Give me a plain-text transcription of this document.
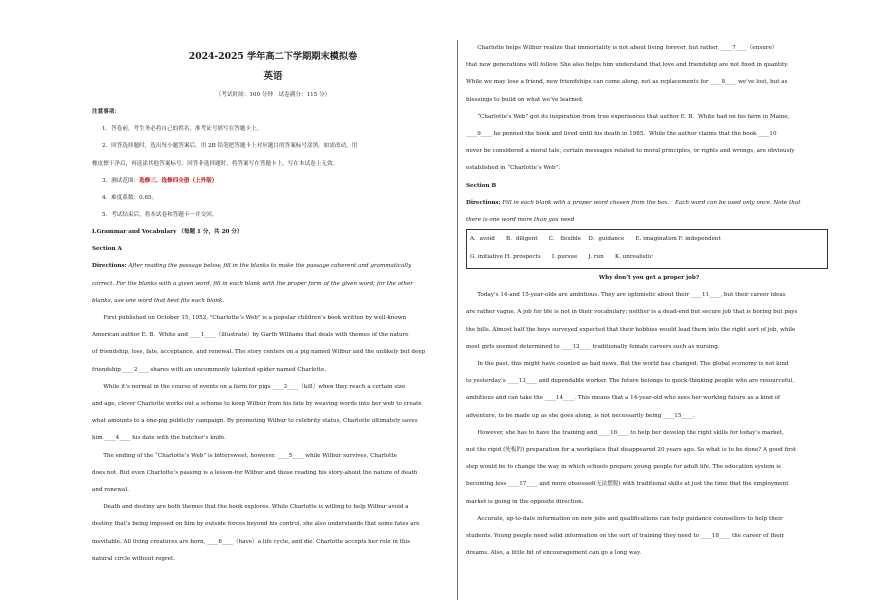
2024-2025 学年高二下学期期末模拟卷
英语
（考试时间：100 分钟　试卷满分：115 分）

注意事项：

1．答卷前，考生务必将自己的姓名、准考证号填写在答题卡上。

2．回答选择题时，选出每小题答案后，用 2B 铅笔把答题卡上对应题目的答案标号涂黑。如需改动，用

橡皮擦干净后，再选涂其他答案标号。回答非选择题时，将答案写在答题卡上。写在本试卷上无效。

3．测试范围：选修三、选修四全册（上外版）

4．难度系数：0.65。

5．考试结束后，将本试卷和答题卡一并交回。

I.Grammar and Vocabulary （每题 1 分，共 20 分）

Section A

Directions: After reading the passage below, fill in the blanks to make the passage coherent and grammatically

correct. For the blanks with a given word, fill in each blank with the proper form of the given word; for the other

blanks, use one word that best fits each blank.

First published on October 15, 1952, "Charlotte’s Web" is a popular children’s book written by well-known

American author E. B．White and ____1____（illustrate）by Garth Williams that deals with themes of the nature

of friendship, loss, fate, acceptance, and renewal. The story centers on a pig named Wilbur and the unlikely but deep

friendship ____2____ shares with an uncommonly talented spider named Charlotte.

While it’s normal in the course of events on a farm for pigs ____3____（kill）when they reach a certain size

and age, clever Charlotte works out a scheme to keep Wilbur from his fate by weaving words into her web to create

what amounts to a one-pig publicity campaign. By promoting Wilbur to celebrity status, Charlotte ultimately saves

him ____4____ his date with the butcher’s knife.

The ending of the “Charlotte’s Web” is bittersweet, however, ____5____ while Wilbur survives, Charlotte

does not. But even Charlotte’s passing is a lesson-for Wilbur and those reading his story-about the nature of death

and renewal.

Death and destiny are both themes that the book explores. While Charlotte is willing to help Wilbur avoid a

destiny that’s being imposed on him by outside forces beyond his control, she also understands that some fates are

inevitable. All living creatures are born, ____6____（have）a life cycle, and die. Charlotte accepts her role in this

natural circle without regret.

Charlotte helps Wilbur realize that immortality is not about living forever, but rather, ____7____（ensure）

that new generations will follow. She also helps him understand that love and friendship are not fixed in quantity.

While we may lose a friend, new friendships can come along, not as replacements for ____8____ we’ve lost, but as

blessings to build on what we’ve learned.

“Charlotte’s Web” got its inspiration from true experiences that author E. B．White had on his farm in Maine,

____9____ he penned the book and lived until his death in 1985．While the author claims that the book ____10

never be considered a moral tale, certain messages related to moral principles, or rights and wrongs, are obviously

established in “Charlotte’s Web”.

Section B

Directions: Fill in each blank with a proper word chosen from the box.　Each word can be used only once. Note that

there is one word more than you need

A．avoid　　B．diligent　　C． flexible　 D．guidance　　E. imagination F. independent
G. initiative H. prospects　　I. pursue　　J. run　　K. unrealistic

Why don’t you get a proper job?

Today’s 14-and 15-year-olds are ambitious. They are optimistic about their ____11____, but their career ideas

are rather vague. A job for life is not in their vocabulary; neither is a dead-end but secure job that is boring but pays

the bills. Almost half the boys surveyed expected that their hobbies would lead them into the right sort of job, while

most girls seemed determined to ____12____ traditionally female careers such as nursing.

In the past, this might have counted as bad news. But the world has changed. The global economy is not kind

to yesterday’s ____13____ and dependable worker. The future belongs to quick-thinking people who are resourceful,

ambitious and can take the ____14____. This means that a 14-year-old who sees her working future as a kind of

adventure, to be made up as she goes along, is not necessarily being ____15____.

However, she has to have the training and ____16____ to help her develop the right skills for today’s market,

not the rigid (死板的) preparation for a workplace that disappeared 20 years ago. So what is to be done? A good first

step would be to change the way in which schools prepare young people for adult life. The education system is

becoming less ____17____ and more obsessed(无法摆脱) with traditional skills at just the time that the employment

market is going in the opposite direction.

Accurate, up-to-date information on new jobs and qualifications can help guidance counsellors to help their

students. Young people need solid information on the sort of training they need to ____18____ the career of their

dreams. Also, a little bit of encouragement can go a long way.
